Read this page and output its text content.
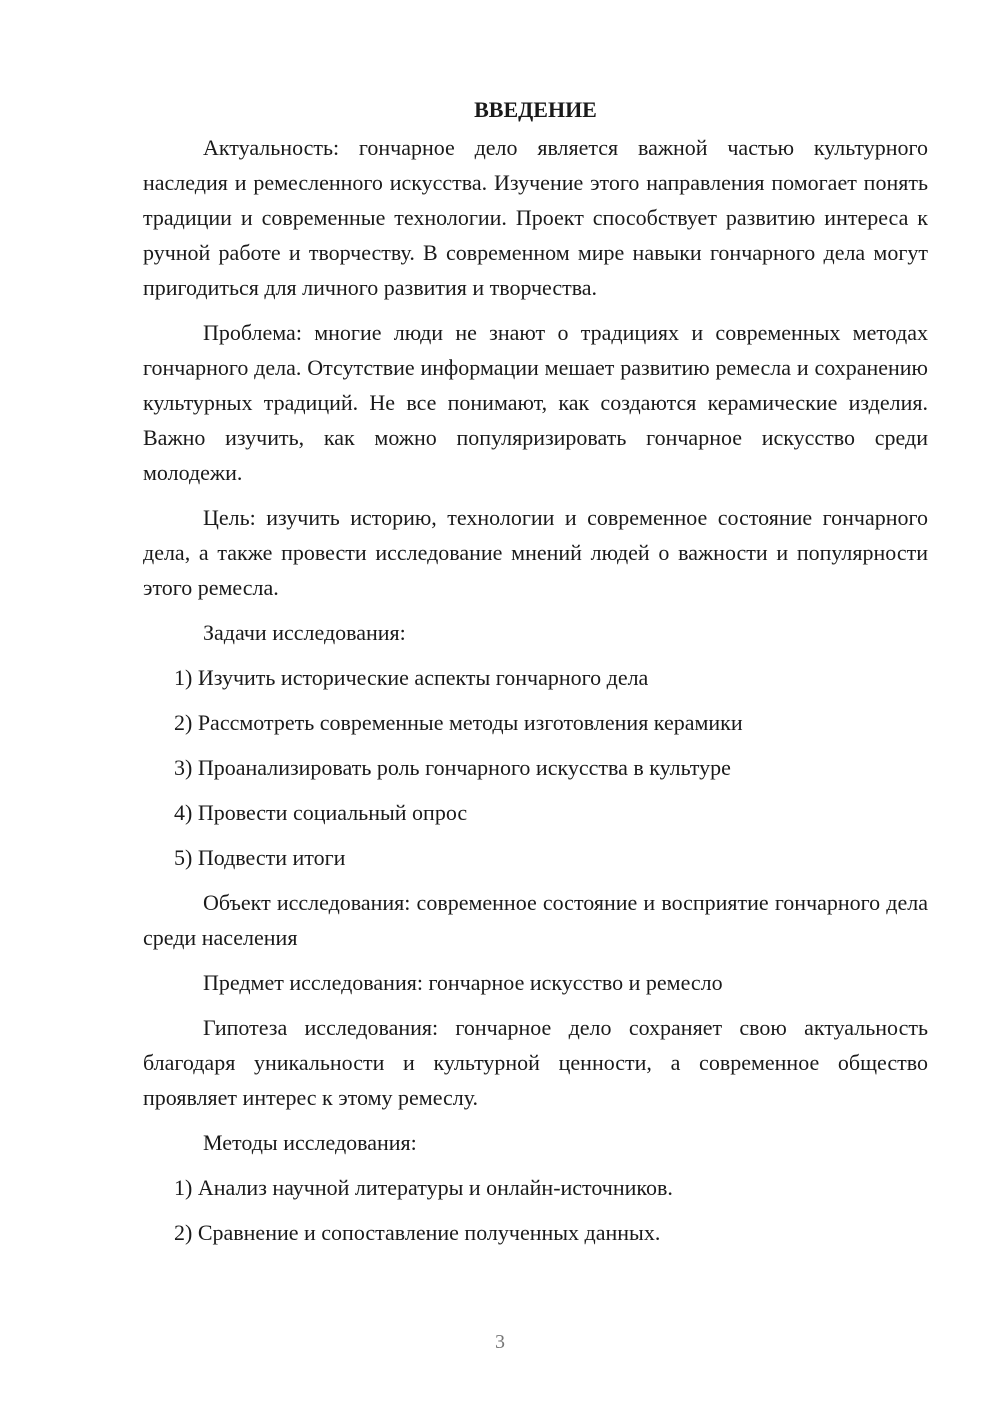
ВВЕДЕНИЕ

Актуальность: гончарное дело является важной частью культурного наследия и ремесленного искусства. Изучение этого направления помогает понять традиции и современные технологии. Проект способствует развитию интереса к ручной работе и творчеству. В современном мире навыки гончарного дела могут пригодиться для личного развития и творчества.

Проблема: многие люди не знают о традициях и современных методах гончарного дела. Отсутствие информации мешает развитию ремесла и сохранению культурных традиций. Не все понимают, как создаются керамические изделия. Важно изучить, как можно популяризировать гончарное искусство среди молодежи.

Цель: изучить историю, технологии и современное состояние гончарного дела, а также провести исследование мнений людей о важности и популярности этого ремесла.

Задачи исследования:

1) Изучить исторические аспекты гончарного дела

2) Рассмотреть современные методы изготовления керамики

3) Проанализировать роль гончарного искусства в культуре

4) Провести социальный опрос

5) Подвести итоги

Объект исследования: современное состояние и восприятие гончарного дела среди населения

Предмет исследования: гончарное искусство и ремесло

Гипотеза исследования: гончарное дело сохраняет свою актуальность благодаря уникальности и культурной ценности, а современное общество проявляет интерес к этому ремеслу.

Методы исследования:

1) Анализ научной литературы и онлайн-источников.

2) Сравнение и сопоставление полученных данных.

3
